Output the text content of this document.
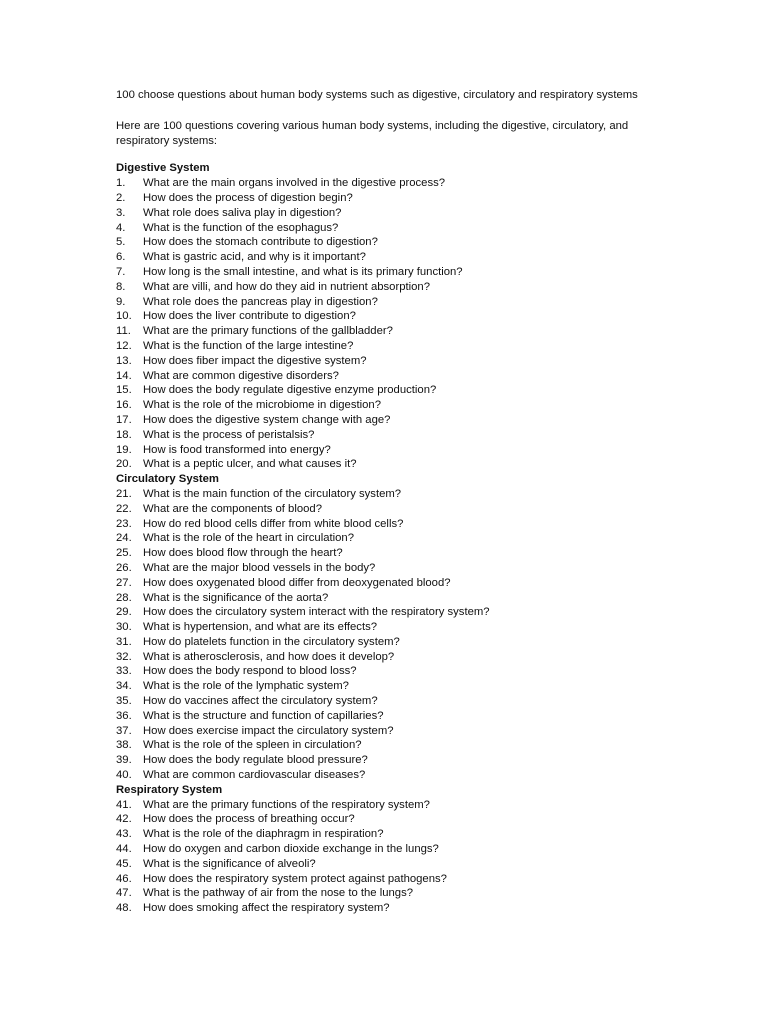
100 choose questions about human body systems such as digestive, circulatory and respiratory systems

Here are 100 questions covering various human body systems, including the digestive, circulatory, and respiratory systems:

Digestive System

1.	What are the main organs involved in the digestive process?
2.	How does the process of digestion begin?
3.	What role does saliva play in digestion?
4.	What is the function of the esophagus?
5.	How does the stomach contribute to digestion?
6.	What is gastric acid, and why is it important?
7.	How long is the small intestine, and what is its primary function?
8.	What are villi, and how do they aid in nutrient absorption?
9.	What role does the pancreas play in digestion?
10. How does the liver contribute to digestion?
11.	What are the primary functions of the gallbladder?
12. What is the function of the large intestine?
13. How does fiber impact the digestive system?
14. What are common digestive disorders?
15. How does the body regulate digestive enzyme production?
16. What is the role of the microbiome in digestion?
17. How does the digestive system change with age?
18. What is the process of peristalsis?
19. How is food transformed into energy?
20. What is a peptic ulcer, and what causes it?

Circulatory System

21. What is the main function of the circulatory system?
22. What are the components of blood?
23. How do red blood cells differ from white blood cells?
24. What is the role of the heart in circulation?
25. How does blood flow through the heart?
26. What are the major blood vessels in the body?
27. How does oxygenated blood differ from deoxygenated blood?
28. What is the significance of the aorta?
29. How does the circulatory system interact with the respiratory system?
30. What is hypertension, and what are its effects?
31. How do platelets function in the circulatory system?
32. What is atherosclerosis, and how does it develop?
33. How does the body respond to blood loss?
34. What is the role of the lymphatic system?
35. How do vaccines affect the circulatory system?
36. What is the structure and function of capillaries?
37. How does exercise impact the circulatory system?
38. What is the role of the spleen in circulation?
39. How does the body regulate blood pressure?
40. What are common cardiovascular diseases?

Respiratory System

41. What are the primary functions of the respiratory system?
42. How does the process of breathing occur?
43. What is the role of the diaphragm in respiration?
44. How do oxygen and carbon dioxide exchange in the lungs?
45. What is the significance of alveoli?
46. How does the respiratory system protect against pathogens?
47. What is the pathway of air from the nose to the lungs?
48. How does smoking affect the respiratory system?
